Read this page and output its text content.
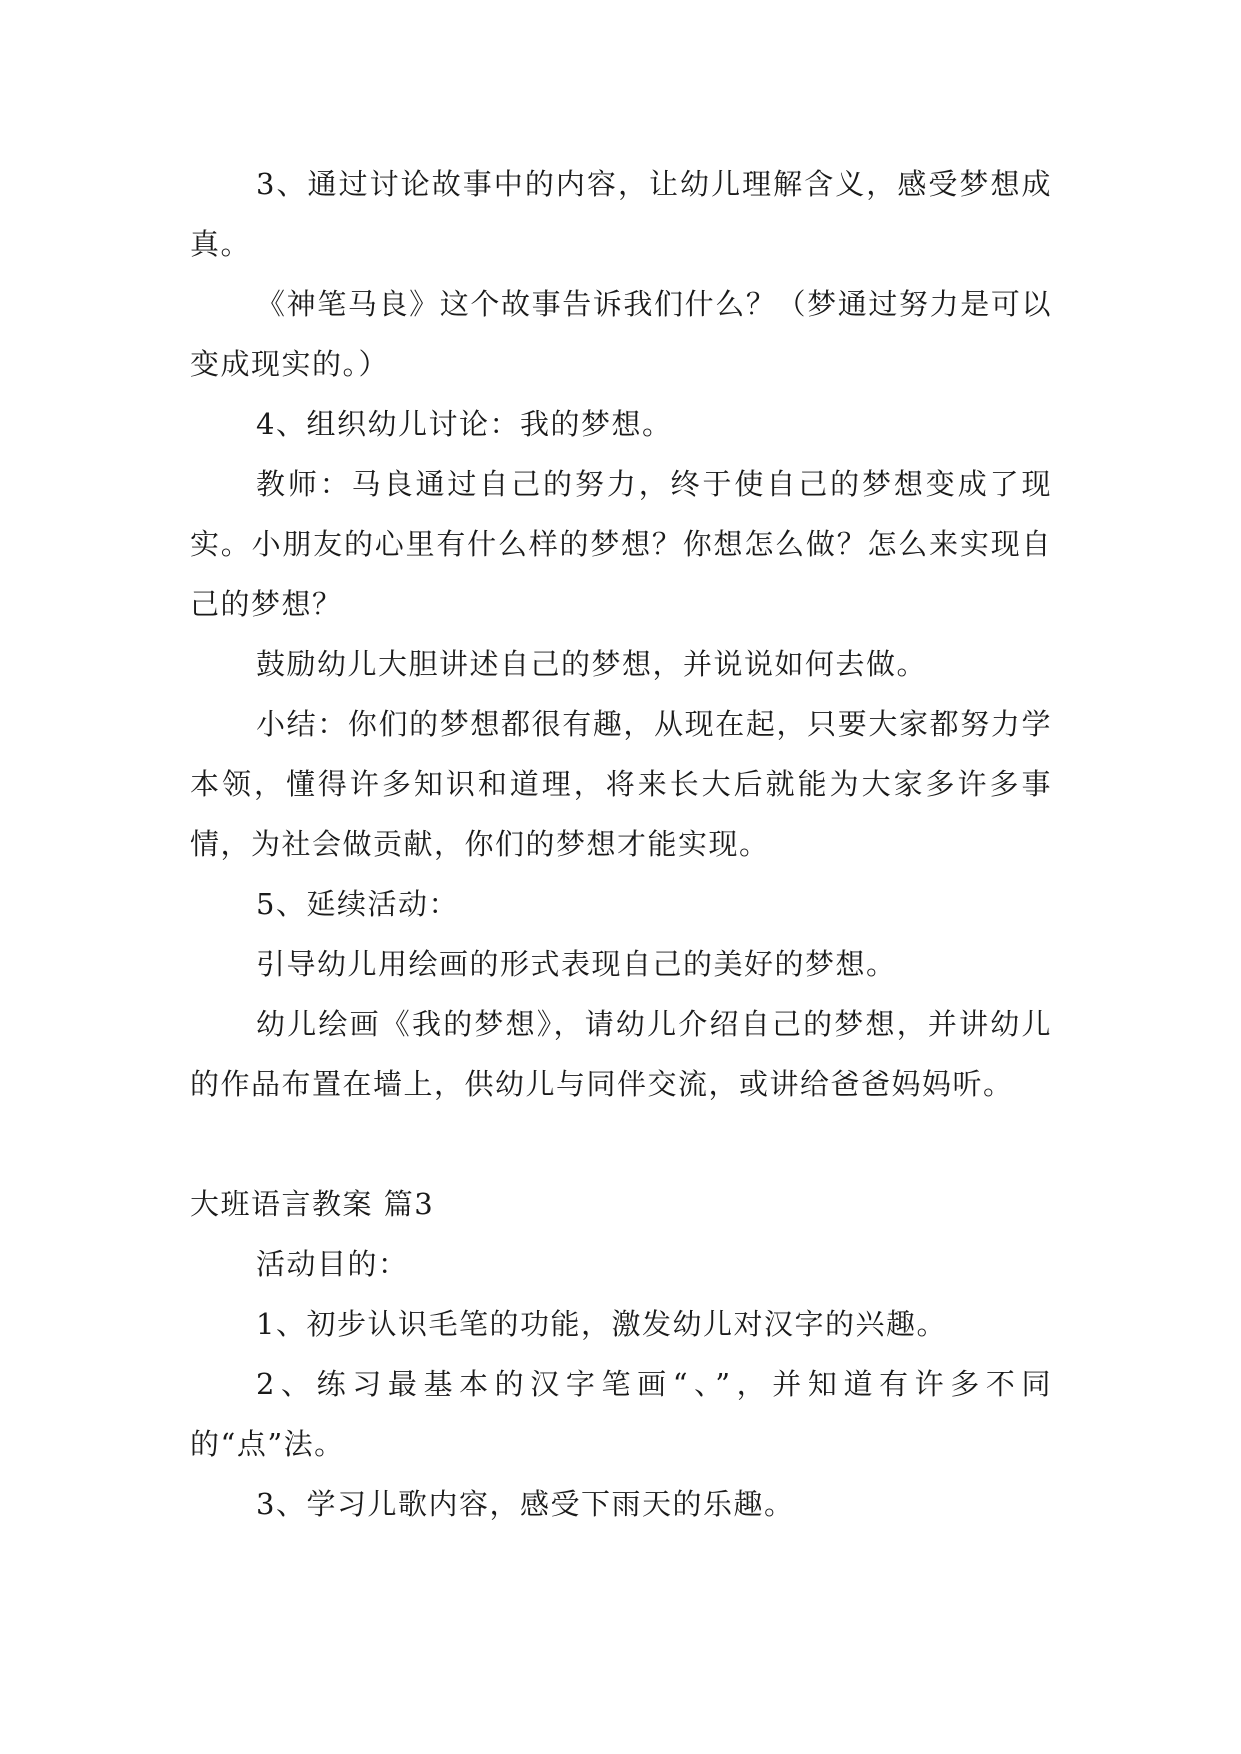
3、通过讨论故事中的内容，让幼儿理解含义，感受梦想成真。

《神笔马良》这个故事告诉我们什么？（梦通过努力是可以变成现实的。）

4、组织幼儿讨论：我的梦想。

教师：马良通过自己的努力，终于使自己的梦想变成了现实。小朋友的心里有什么样的梦想？你想怎么做？怎么来实现自己的梦想？

鼓励幼儿大胆讲述自己的梦想，并说说如何去做。

小结：你们的梦想都很有趣，从现在起，只要大家都努力学本领，懂得许多知识和道理，将来长大后就能为大家多许多事情，为社会做贡献，你们的梦想才能实现。

5、延续活动：

引导幼儿用绘画的形式表现自己的美好的梦想。

幼儿绘画《我的梦想》，请幼儿介绍自己的梦想，并讲幼儿的作品布置在墙上，供幼儿与同伴交流，或讲给爸爸妈妈听。

大班语言教案 篇3

活动目的：

1、初步认识毛笔的功能，激发幼儿对汉字的兴趣。

2、练习最基本的汉字笔画“、”，并知道有许多不同的“点”法。

3、学习儿歌内容，感受下雨天的乐趣。
